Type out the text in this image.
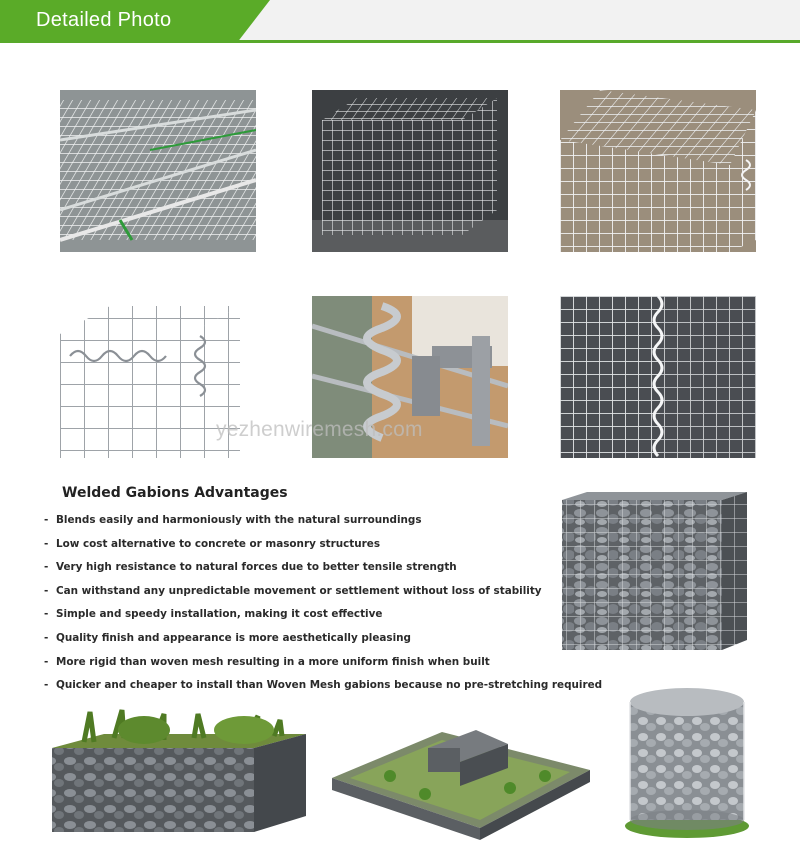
Detailed Photo
yezhenwiremesh.com
Welded Gabions Advantages
- Blends easily and harmoniously with the natural surroundings
- Low cost alternative to concrete or masonry structures
- Very high resistance to natural forces due to better tensile strength
- Can withstand any unpredictable movement or settlement without loss of stability
- Simple and speedy installation, making it cost effective
- Quality finish and appearance is more aesthetically pleasing
- More rigid than woven mesh resulting in a more uniform finish when built
- Quicker and cheaper to install than Woven Mesh gabions because no pre-stretching required
